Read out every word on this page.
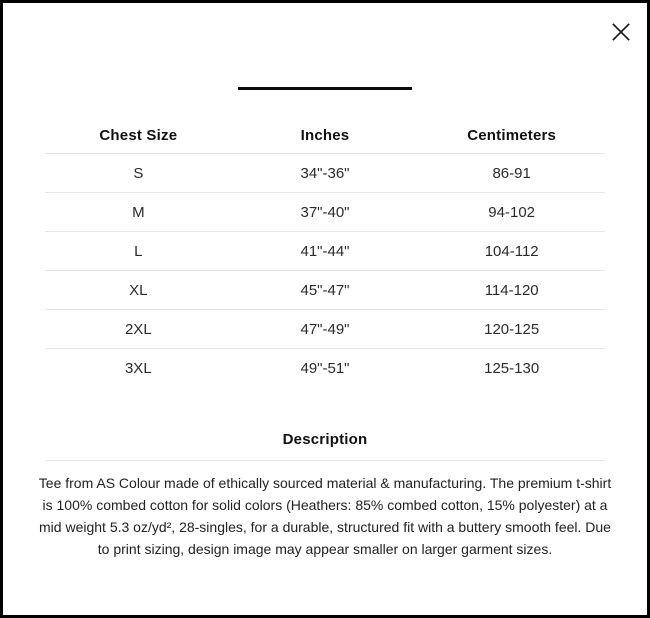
Chest Size	Inches	Centimeters
S	34"-36"	86-91
M	37"-40"	94-102
L	41"-44"	104-112
XL	45"-47"	114-120
2XL	47"-49"	120-125
3XL	49"-51"	125-130
Description

Tee from AS Colour made of ethically sourced material & manufacturing. The premium t-shirt is 100% combed cotton for solid colors (Heathers: 85% combed cotton, 15% polyester) at a mid weight 5.3 oz/yd², 28-singles, for a durable, structured fit with a buttery smooth feel. Due to print sizing, design image may appear smaller on larger garment sizes.
